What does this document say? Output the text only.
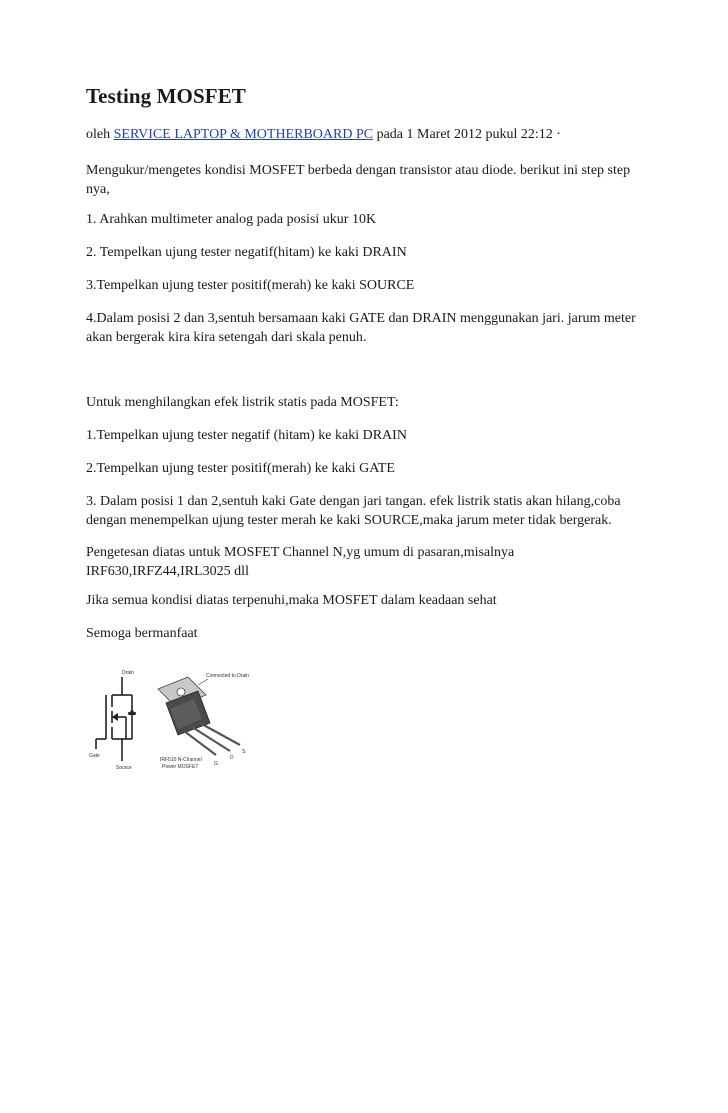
Testing MOSFET
oleh SERVICE LAPTOP & MOTHERBOARD PC pada 1 Maret 2012 pukul 22:12 ·

Mengukur/mengetes kondisi MOSFET berbeda dengan transistor atau diode. berikut ini step step nya,

1. Arahkan multimeter analog pada posisi ukur 10K

2. Tempelkan ujung tester negatif(hitam) ke kaki DRAIN

3.Tempelkan ujung tester positif(merah) ke kaki SOURCE

4.Dalam posisi 2 dan 3,sentuh bersamaan kaki GATE dan DRAIN menggunakan jari. jarum meter akan bergerak kira kira setengah dari skala penuh.

Untuk menghilangkan efek listrik statis pada MOSFET:

1.Tempelkan ujung tester negatif (hitam) ke kaki DRAIN

2.Tempelkan ujung tester positif(merah) ke kaki GATE

3. Dalam posisi 1 dan 2,sentuh kaki Gate dengan jari tangan. efek listrik statis akan hilang,coba dengan menempelkan ujung tester merah ke kaki SOURCE,maka jarum meter tidak bergerak.

Pengetesan diatas untuk MOSFET Channel N,yg umum di pasaran,misalnya IRF630,IRFZ44,IRL3025 dll

Jika semua kondisi diatas terpenuhi,maka MOSFET dalam keadaan sehat

Semoga bermanfaat

Drain
Gate
Source
Connected to Drain
G
D
S
IRF510 N-Channel
Power MOSFET
